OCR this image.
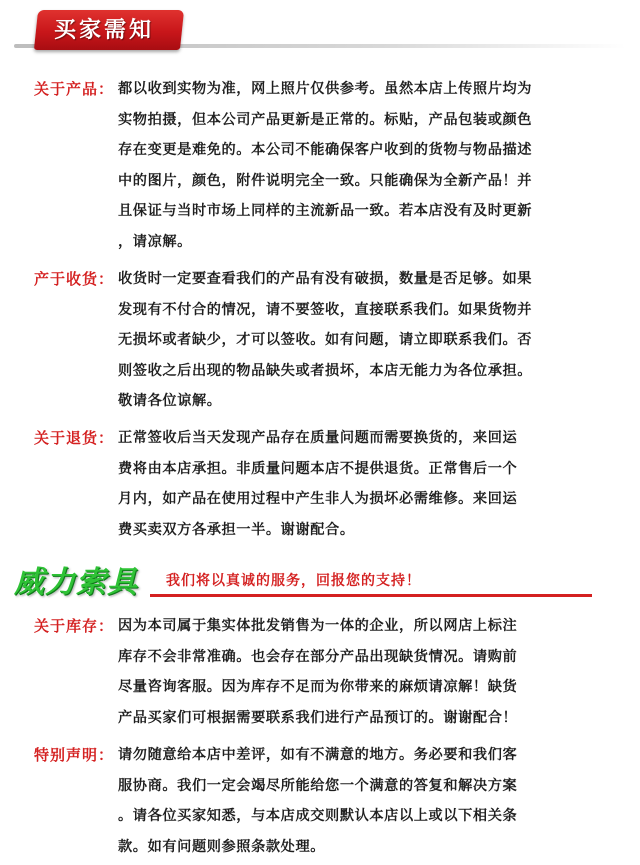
买家需知
关于产品： 都以收到实物为准，网上照片仅供参考。虽然本店上传照片均为
实物拍摄，但本公司产品更新是正常的。标贴，产品包装或颜色
存在变更是难免的。本公司不能确保客户收到的货物与物品描述
中的图片，颜色，附件说明完全一致。只能确保为全新产品！并
且保证与当时市场上同样的主流新品一致。若本店没有及时更新
，请凉解。
产于收货： 收货时一定要查看我们的产品有没有破损，数量是否足够。如果
发现有不付合的情况，请不要签收，直接联系我们。如果货物并
无损坏或者缺少，才可以签收。如有问题，请立即联系我们。否
则签收之后出现的物品缺失或者损坏，本店无能力为各位承担。
敬请各位谅解。
关于退货： 正常签收后当天发现产品存在质量问题而需要换货的，来回运
费将由本店承担。非质量问题本店不提供退货。正常售后一个
月内，如产品在使用过程中产生非人为损坏必需维修。来回运
费买卖双方各承担一半。谢谢配合。
威力索具 我们将以真诚的服务，回报您的支持！
关于库存： 因为本司属于集实体批发销售为一体的企业，所以网店上标注
库存不会非常准确。也会存在部分产品出现缺货情况。请购前
尽量咨询客服。因为库存不足而为你带来的麻烦请凉解！缺货
产品买家们可根据需要联系我们进行产品预订的。谢谢配合！
特别声明： 请勿随意给本店中差评，如有不满意的地方。务必要和我们客
服协商。我们一定会竭尽所能给您一个满意的答复和解决方案
。请各位买家知悉，与本店成交则默认本店以上或以下相关条
款。如有问题则参照条款处理。
